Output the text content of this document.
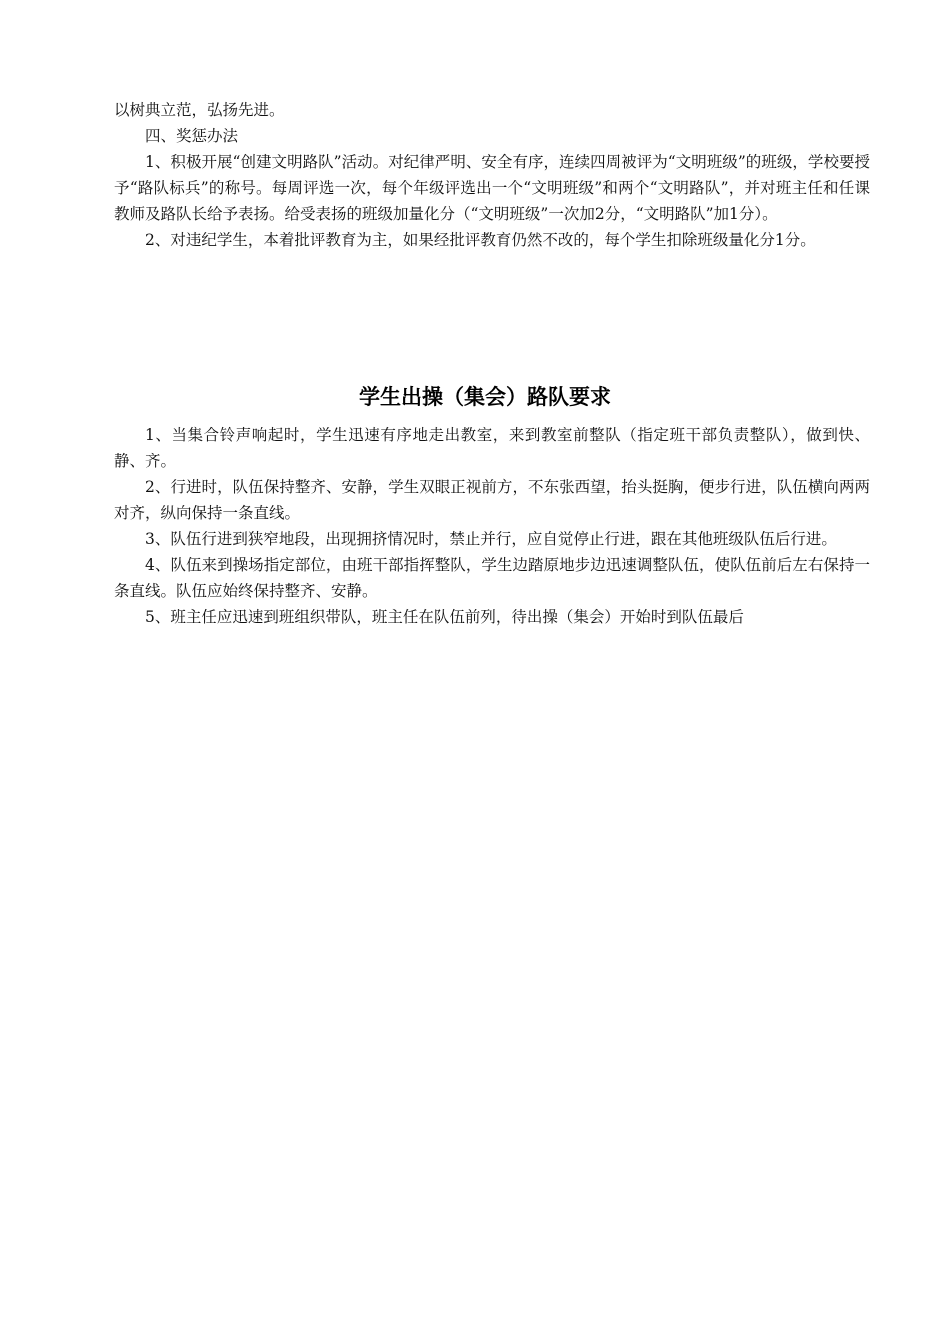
以树典立范，弘扬先进。

四、奖惩办法

1、积极开展“创建文明路队”活动。对纪律严明、安全有序，连续四周被评为“文明班级”的班级，学校要授予“路队标兵”的称号。每周评选一次，每个年级评选出一个“文明班级”和两个“文明路队”，并对班主任和任课教师及路队长给予表扬。给受表扬的班级加量化分（“文明班级”一次加2分，“文明路队”加1分）。

2、对违纪学生，本着批评教育为主，如果经批评教育仍然不改的，每个学生扣除班级量化分1分。

学生出操（集会）路队要求

1、当集合铃声响起时，学生迅速有序地走出教室，来到教室前整队（指定班干部负责整队），做到快、静、齐。

2、行进时，队伍保持整齐、安静，学生双眼正视前方，不东张西望，抬头挺胸，便步行进，队伍横向两两对齐，纵向保持一条直线。

3、队伍行进到狭窄地段，出现拥挤情况时，禁止并行，应自觉停止行进，跟在其他班级队伍后行进。

4、队伍来到操场指定部位，由班干部指挥整队，学生边踏原地步边迅速调整队伍，使队伍前后左右保持一条直线。队伍应始终保持整齐、安静。

5、班主任应迅速到班组织带队，班主任在队伍前列，待出操（集会）开始时到队伍最后
